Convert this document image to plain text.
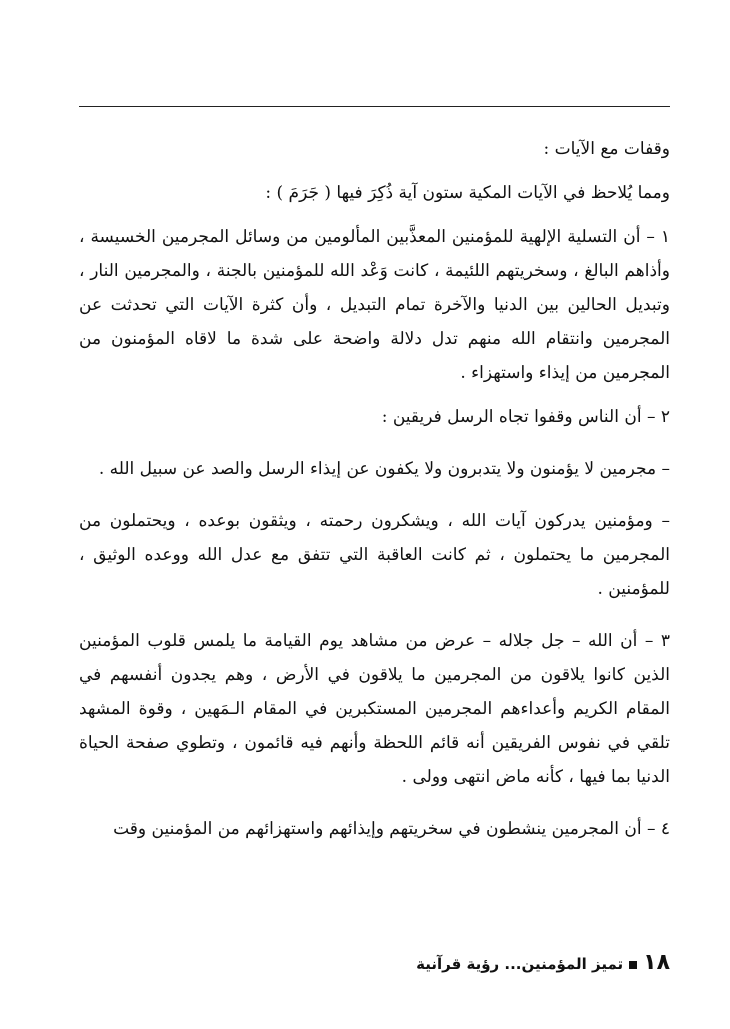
وقفات مع الآيات :

ومما يُلاحظ في الآيات المكية ستون آية ذُكِرَ فيها ( جَرَمَ ) :

١ – أن التسلية الإلهية للمؤمنين المعذَّبين المألومين من وسائل المجرمين الخسيسة ، وأذاهم البالغ ، وسخريتهم اللئيمة ، كانت وَعْد الله للمؤمنين بالجنة ، والمجرمين النار ، وتبديل الحالين بين الدنيا والآخرة تمام التبديل ، وأن كثرة الآيات التي تحدثت عن المجرمين وانتقام الله منهم تدل دلالة واضحة على شدة ما لاقاه المؤمنون من المجرمين من إيذاء واستهزاء .

٢ – أن الناس وقفوا تجاه الرسل فريقين :

– مجرمين لا يؤمنون ولا يتدبرون ولا يكفون عن إيذاء الرسل والصد عن سبيل الله .

– ومؤمنين يدركون آيات الله ، ويشكرون رحمته ، ويثقون بوعده ، ويحتملون من المجرمين ما يحتملون ، ثم كانت العاقبة التي تتفق مع عدل الله ووعده الوثيق ، للمؤمنين .

٣ – أن الله – جل جلاله – عرض من مشاهد يوم القيامة ما يلمس قلوب المؤمنين الذين كانوا يلاقون من المجرمين ما يلاقون في الأرض ، وهم يجدون أنفسهم في المقام الكريم وأعداءهم المجرمين المستكبرين في المقام الـمَهين ، وقوة المشهد تلقي في نفوس الفريقين أنه قائم اللحظة وأنهم فيه قائمون ، وتطوي صفحة الحياة الدنيا بما فيها ، كأنه ماض انتهى وولى .

٤ – أن المجرمين ينشطون في سخريتهم وإيذائهم واستهزائهم من المؤمنين وقت

١٨تميز المؤمنين... رؤية قرآنية
